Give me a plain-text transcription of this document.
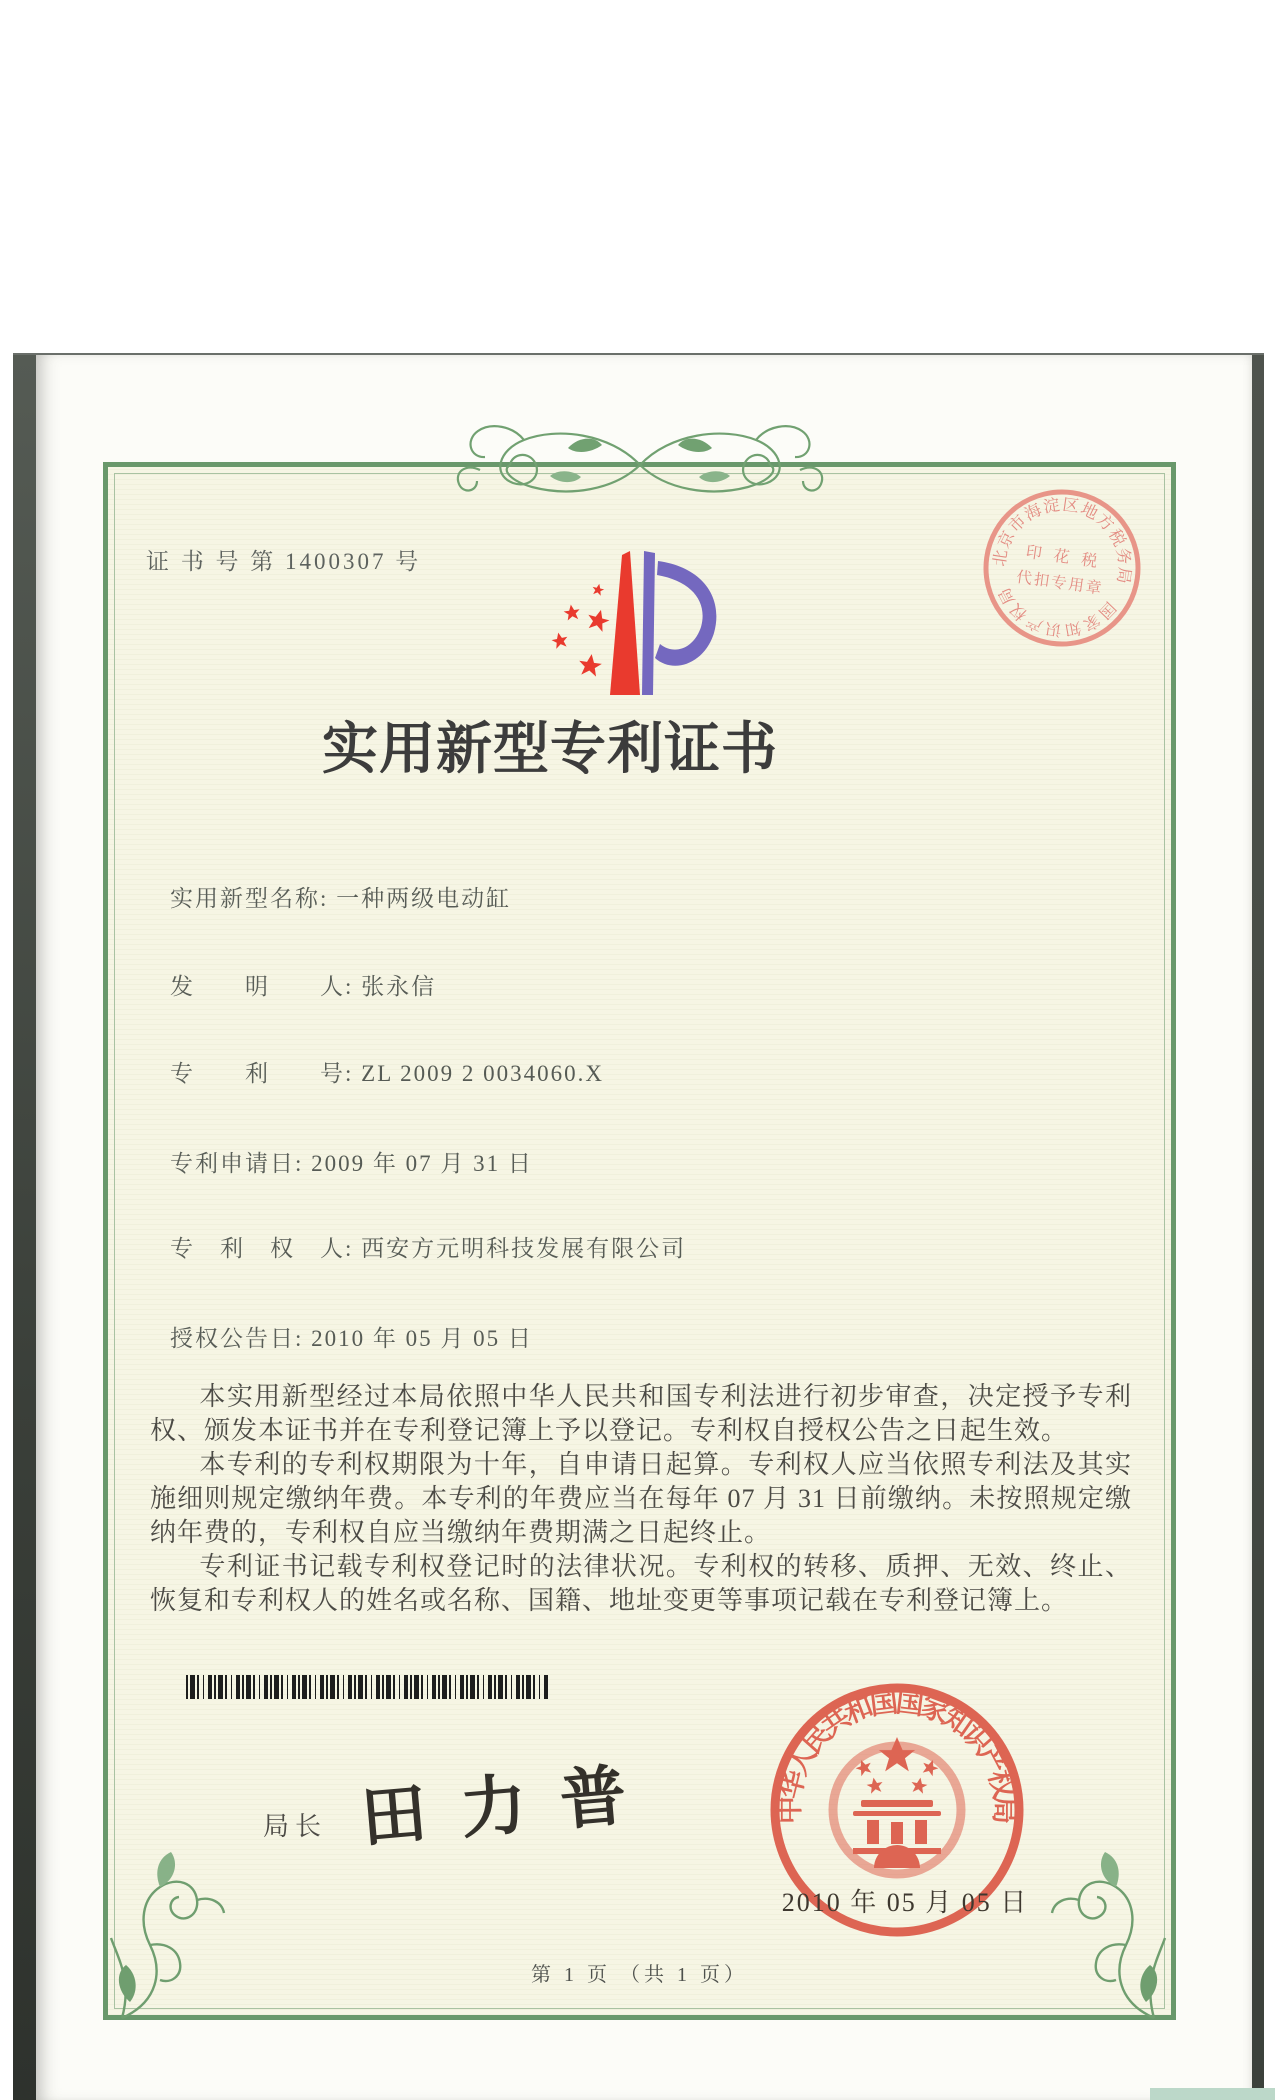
证 书 号 第 1400307 号
实用新型专利证书
实用新型名称: 一种两级电动缸
发　　明　　人: 张永信
专　　利　　号: ZL 2009 2 0034060.X
专利申请日: 2009 年 07 月 31 日
专　利　权　人: 西安方元明科技发展有限公司
授权公告日: 2010 年 05 月 05 日

本实用新型经过本局依照中华人民共和国专利法进行初步审查，决定授予专利权、颁发本证书并在专利登记簿上予以登记。专利权自授权公告之日起生效。

本专利的专利权期限为十年，自申请日起算。专利权人应当依照专利法及其实施细则规定缴纳年费。本专利的年费应当在每年 07 月 31 日前缴纳。未按照规定缴纳年费的，专利权自应当缴纳年费期满之日起终止。

专利证书记载专利权登记时的法律状况。专利权的转移、质押、无效、终止、恢复和专利权人的姓名或名称、国籍、地址变更等事项记载在专利登记簿上。

局长 田力普	中华人民共和国国家知识产权局
2010 年 05 月 05 日
北京市海淀区地方税务局
国家知识产权局
印 花 税
代扣专用章
第 1 页 （共 1 页）
